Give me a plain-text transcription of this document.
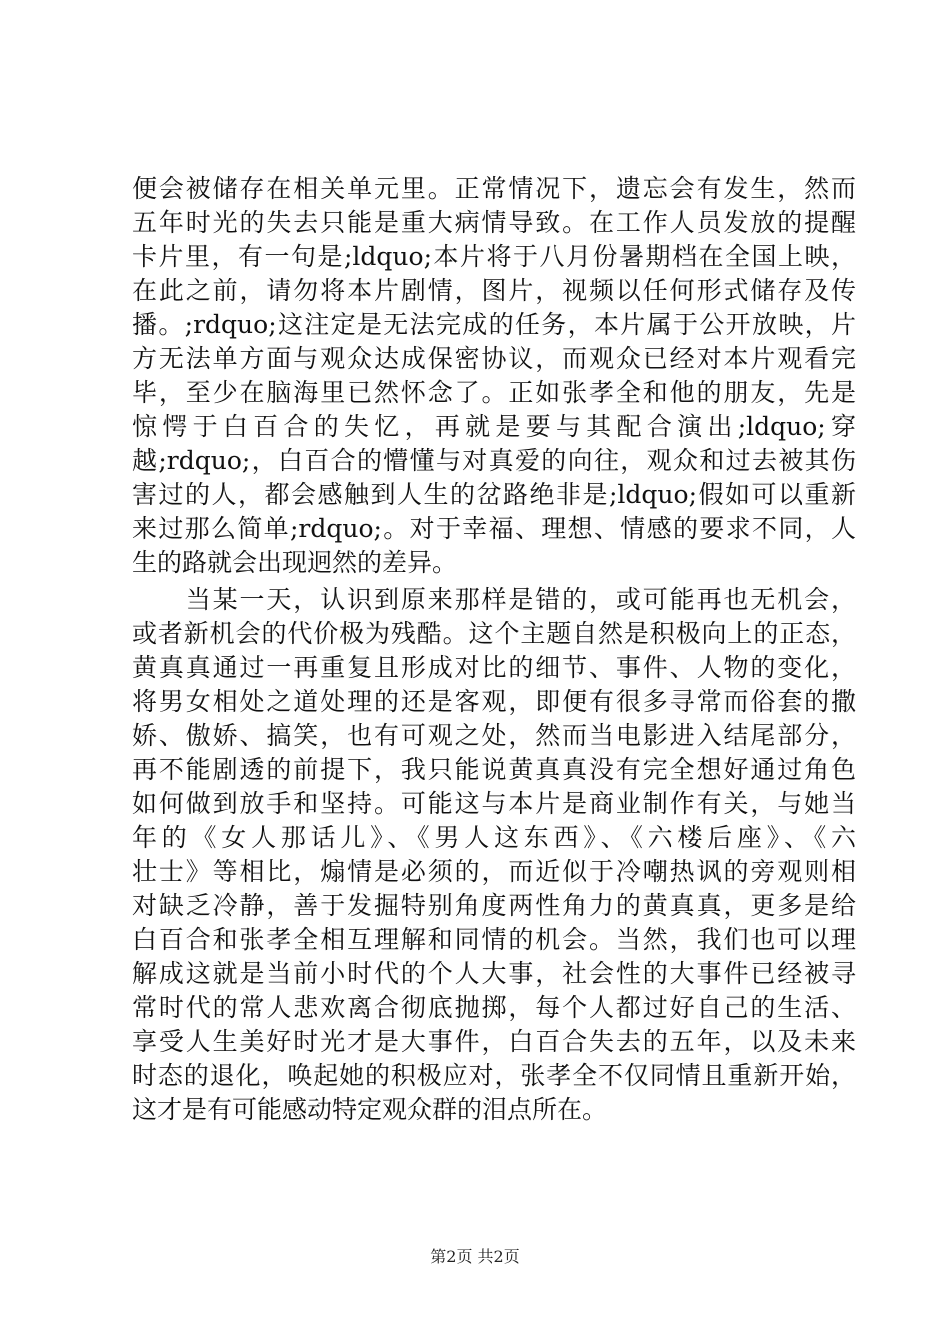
便会被储存在相关单元里。正常情况下，遗忘会有发生，然而
五年时光的失去只能是重大病情导致。在工作人员发放的提醒
卡片里，有一句是;ldquo;本片将于八月份暑期档在全国上映，
在此之前，请勿将本片剧情，图片，视频以任何形式储存及传
播。;rdquo;这注定是无法完成的任务，本片属于公开放映，片
方无法单方面与观众达成保密协议，而观众已经对本片观看完
毕，至少在脑海里已然怀念了。正如张孝全和他的朋友，先是
惊愕于白百合的失忆，再就是要与其配合演出;ldquo;穿
越;rdquo;，白百合的懵懂与对真爱的向往，观众和过去被其伤
害过的人，都会感触到人生的岔路绝非是;ldquo;假如可以重新
来过那么简单;rdquo;。对于幸福、理想、情感的要求不同，人
生的路就会出现迥然的差异。
　　当某一天，认识到原来那样是错的，或可能再也无机会，
或者新机会的代价极为残酷。这个主题自然是积极向上的正态，
黄真真通过一再重复且形成对比的细节、事件、人物的变化，
将男女相处之道处理的还是客观，即便有很多寻常而俗套的撒
娇、傲娇、搞笑，也有可观之处，然而当电影进入结尾部分，
再不能剧透的前提下，我只能说黄真真没有完全想好通过角色
如何做到放手和坚持。可能这与本片是商业制作有关，与她当
年的《女人那话儿》、《男人这东西》、《六楼后座》、《六
壮士》等相比，煽情是必须的，而近似于冷嘲热讽的旁观则相
对缺乏冷静，善于发掘特别角度两性角力的黄真真，更多是给
白百合和张孝全相互理解和同情的机会。当然，我们也可以理
解成这就是当前小时代的个人大事，社会性的大事件已经被寻
常时代的常人悲欢离合彻底抛掷，每个人都过好自己的生活、
享受人生美好时光才是大事件，白百合失去的五年，以及未来
时态的退化，唤起她的积极应对，张孝全不仅同情且重新开始，
这才是有可能感动特定观众群的泪点所在。
第2页 共2页
